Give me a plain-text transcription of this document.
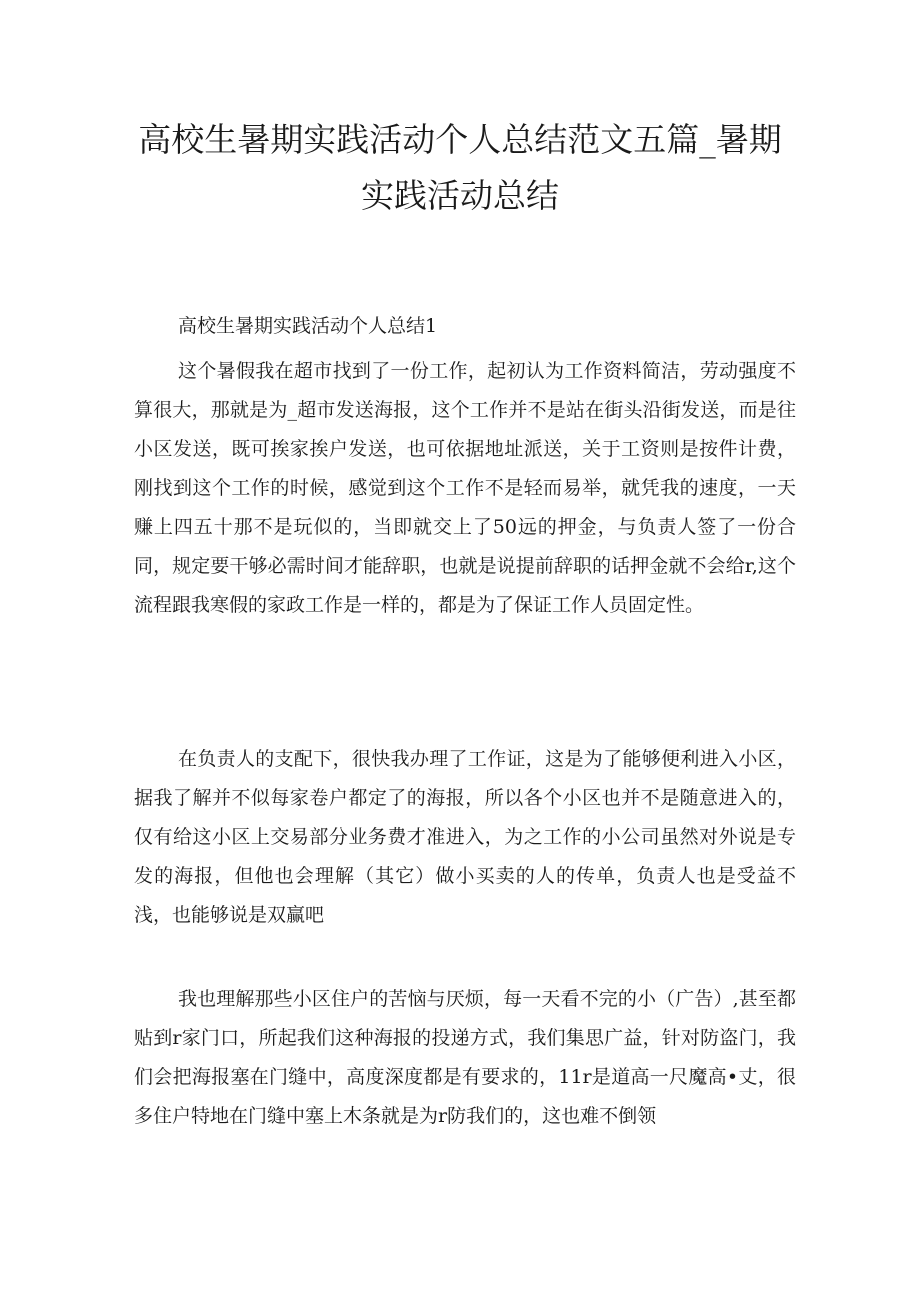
高校生暑期实践活动个人总结范文五篇_暑期实践活动总结

高校生暑期实践活动个人总结1

这个暑假我在超市找到了一份工作，起初认为工作资料简洁，劳动强度不算很大，那就是为_超市发送海报，这个工作并不是站在街头沿街发送，而是往小区发送，既可挨家挨户发送，也可依据地址派送，关于工资则是按件计费，刚找到这个工作的时候，感觉到这个工作不是轻而易举，就凭我的速度，一天赚上四五十那不是玩似的，当即就交上了50远的押金，与负责人签了一份合同，规定要干够必需时间才能辞职，也就是说提前辞职的话押金就不会给r,这个流程跟我寒假的家政工作是一样的，都是为了保证工作人员固定性。

在负责人的支配下，很快我办理了工作证，这是为了能够便利进入小区，据我了解并不似每家卷户都定了的海报，所以各个小区也并不是随意进入的，仅有给这小区上交易部分业务费才准进入，为之工作的小公司虽然对外说是专发的海报，但他也会理解（其它）做小买卖的人的传单，负责人也是受益不浅，也能够说是双赢吧

我也理解那些小区住户的苦恼与厌烦，每一天看不完的小（广告）,甚至都贴到r家门口，所起我们这种海报的投递方式，我们集思广益，针对防盗门，我们会把海报塞在门缝中，高度深度都是有要求的，11r是道高一尺魔高•丈，很多住户特地在门缝中塞上木条就是为r防我们的，这也难不倒领
